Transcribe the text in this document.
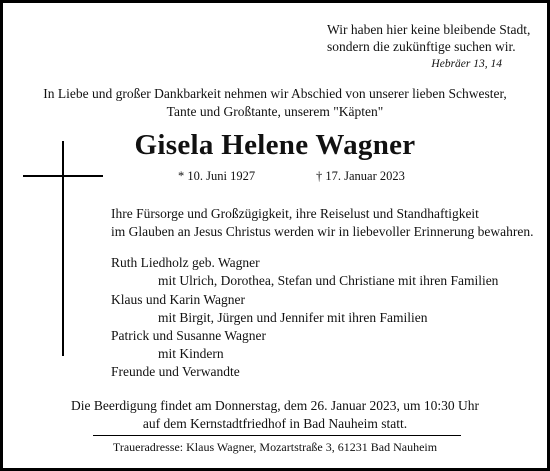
Wir haben hier keine bleibende Stadt,
sondern die zukünftige suchen wir.
Hebräer 13, 14
In Liebe und großer Dankbarkeit nehmen wir Abschied von unserer lieben Schwester,
Tante und Großtante, unserem "Käpten"
Gisela Helene Wagner
* 10. Juni 1927	† 17. Januar 2023
Ihre Fürsorge und Großzügigkeit, ihre Reiselust und Standhaftigkeit
im Glauben an Jesus Christus werden wir in liebevoller Erinnerung bewahren.
Ruth Liedholz geb. Wagner
mit Ulrich, Dorothea, Stefan und Christiane mit ihren Familien
Klaus und Karin Wagner
mit Birgit, Jürgen und Jennifer mit ihren Familien
Patrick und Susanne Wagner
mit Kindern
Freunde und Verwandte
Die Beerdigung findet am Donnerstag, dem 26. Januar 2023, um 10:30 Uhr
auf dem Kernstadtfriedhof in Bad Nauheim statt.
Traueradresse: Klaus Wagner, Mozartstraße 3, 61231 Bad Nauheim
